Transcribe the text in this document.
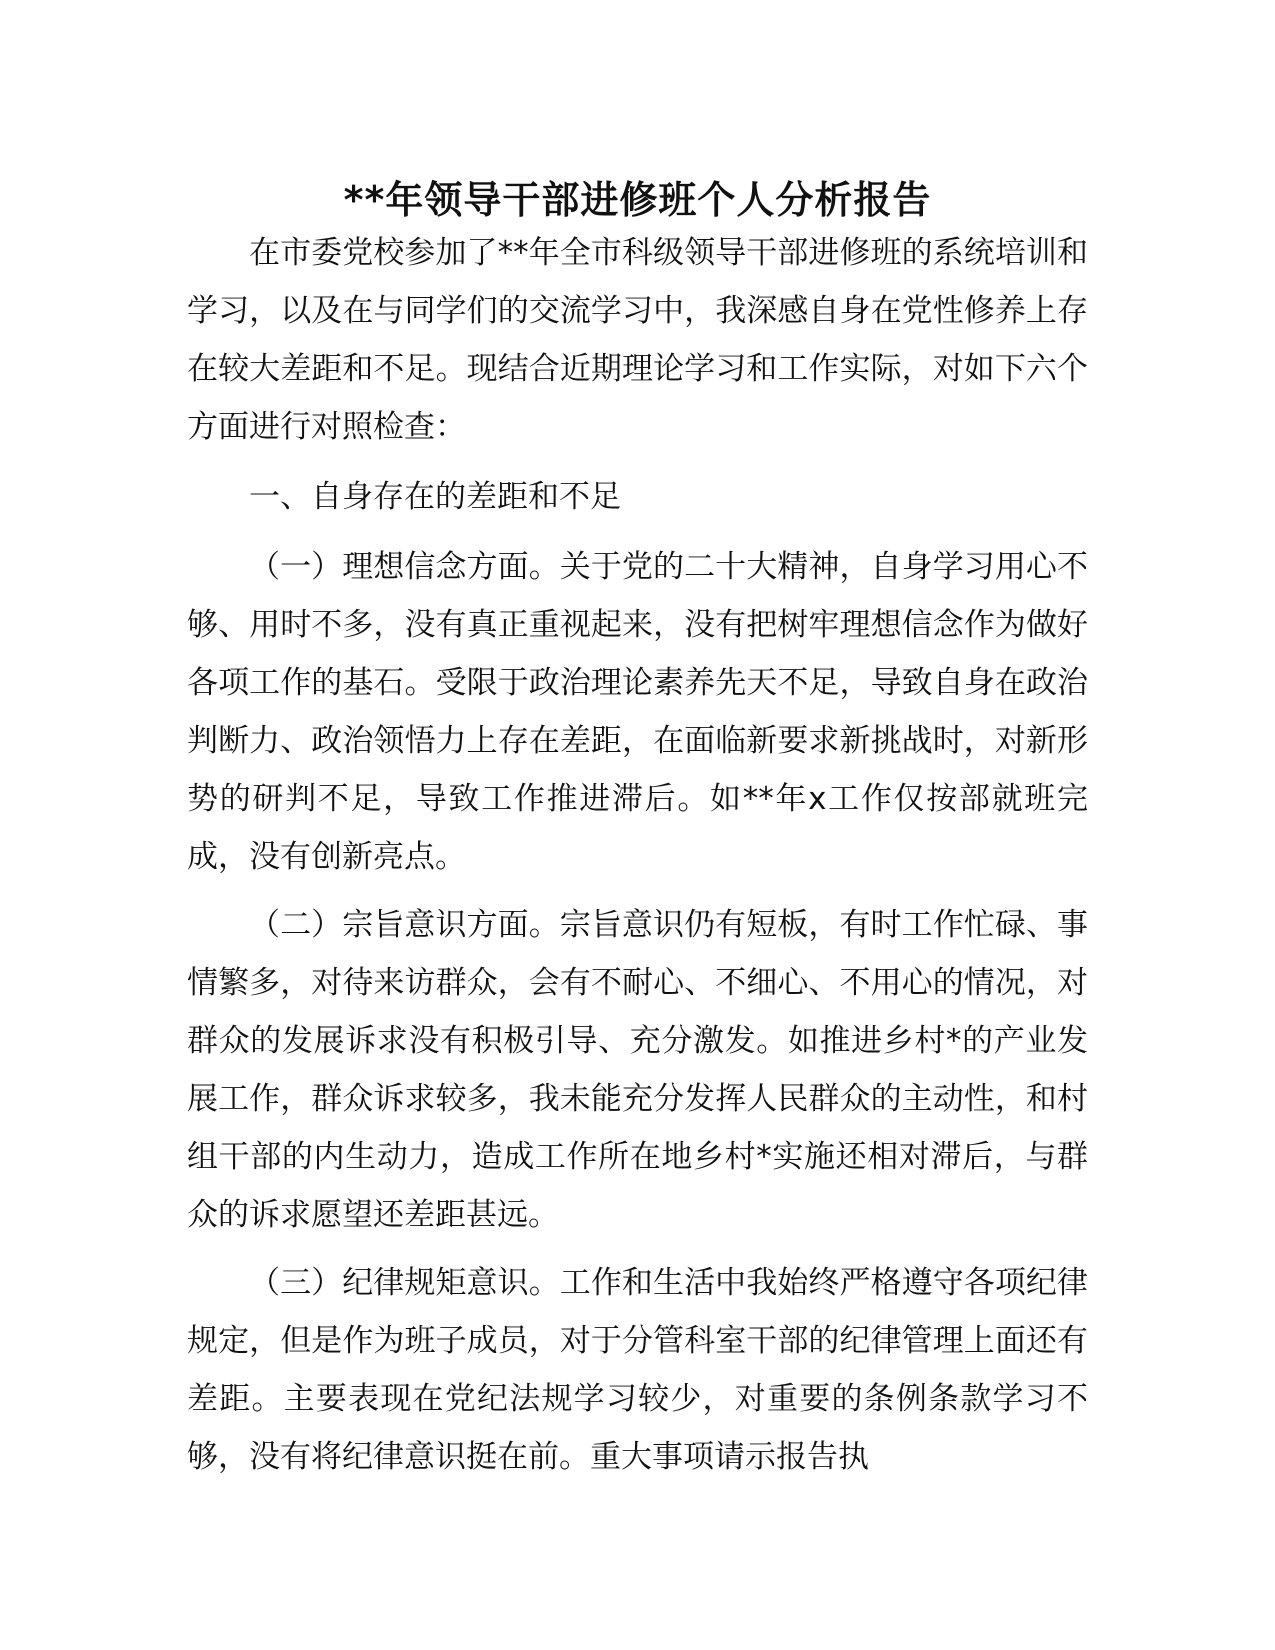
**年领导干部进修班个人分析报告

在市委党校参加了**年全市科级领导干部进修班的系统培训和学习，以及在与同学们的交流学习中，我深感自身在党性修养上存在较大差距和不足。现结合近期理论学习和工作实际，对如下六个方面进行对照检查：

一、自身存在的差距和不足

（一）理想信念方面。关于党的二十大精神，自身学习用心不够、用时不多，没有真正重视起来，没有把树牢理想信念作为做好各项工作的基石。受限于政治理论素养先天不足，导致自身在政治判断力、政治领悟力上存在差距，在面临新要求新挑战时，对新形势的研判不足，导致工作推进滞后。如**年x工作仅按部就班完成，没有创新亮点。

（二）宗旨意识方面。宗旨意识仍有短板，有时工作忙碌、事情繁多，对待来访群众，会有不耐心、不细心、不用心的情况，对群众的发展诉求没有积极引导、充分激发。如推进乡村*的产业发展工作，群众诉求较多，我未能充分发挥人民群众的主动性，和村组干部的内生动力，造成工作所在地乡村*实施还相对滞后，与群众的诉求愿望还差距甚远。

（三）纪律规矩意识。工作和生活中我始终严格遵守各项纪律规定，但是作为班子成员，对于分管科室干部的纪律管理上面还有差距。主要表现在党纪法规学习较少，对重要的条例条款学习不够，没有将纪律意识挺在前。重大事项请示报告执
